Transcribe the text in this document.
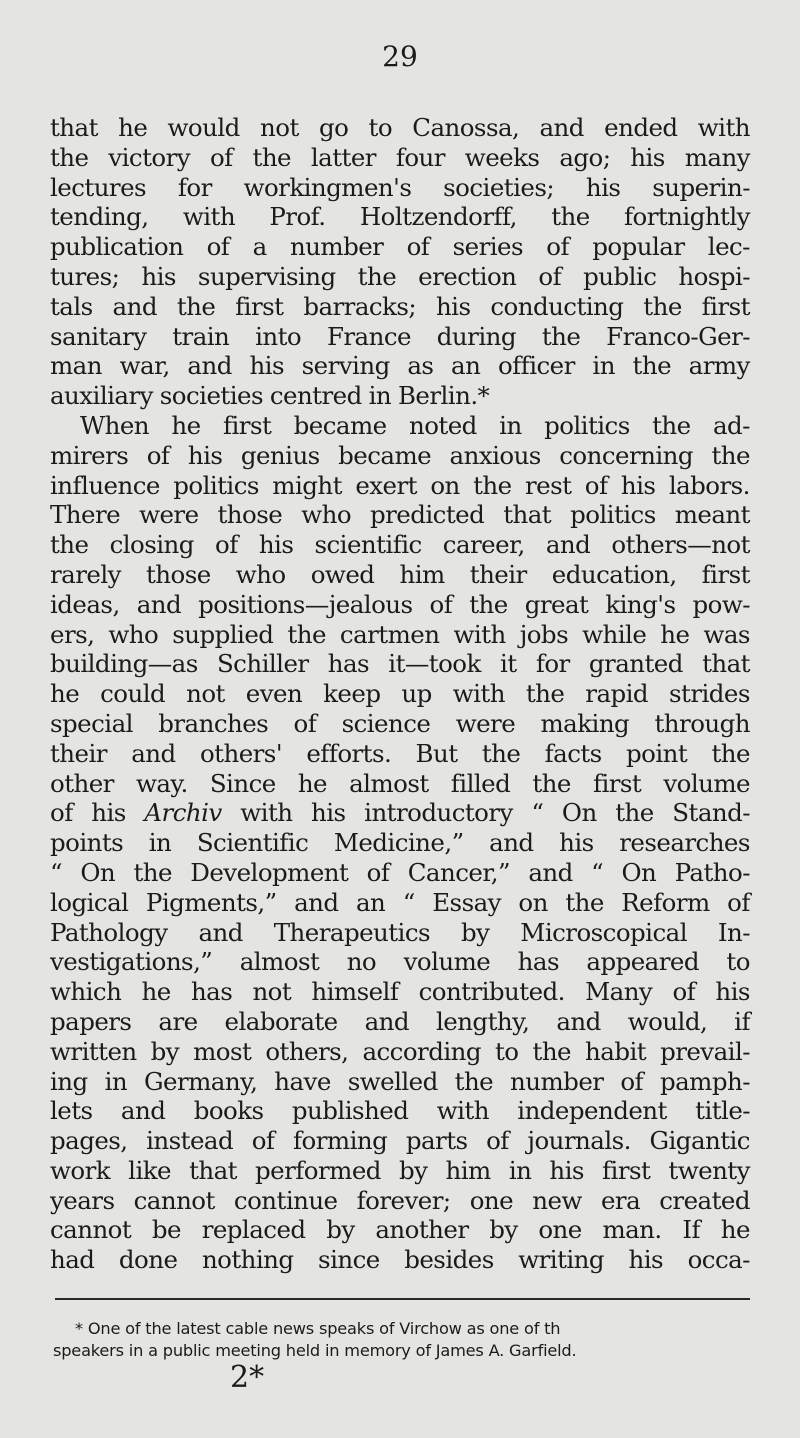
29
that he would not go to Canossa, and ended with
the victory of the latter four weeks ago; his many
lectures for workingmen's societies; his superin-
tending, with Prof. Holtzendorff, the fortnightly
publication of a number of series of popular lec-
tures; his supervising the erection of public hospi-
tals and the first barracks; his conducting the first
sanitary train into France during the Franco-Ger-
man war, and his serving as an officer in the army
auxiliary societies centred in Berlin.*
When he first became noted in politics the ad-
mirers of his genius became anxious concerning the
influence politics might exert on the rest of his labors.
There were those who predicted that politics meant
the closing of his scientific career, and others—not
rarely those who owed him their education, first
ideas, and positions—jealous of the great king's pow-
ers, who supplied the cartmen with jobs while he was
building—as Schiller has it—took it for granted that
he could not even keep up with the rapid strides
special branches of science were making through
their and others' efforts. But the facts point the
other way. Since he almost filled the first volume
of his Archiv with his introductory “ On the Stand-
points in Scientific Medicine,” and his researches
“ On the Development of Cancer,” and “ On Patho-
logical Pigments,” and an “ Essay on the Reform of
Pathology and Therapeutics by Microscopical In-
vestigations,” almost no volume has appeared to
which he has not himself contributed. Many of his
papers are elaborate and lengthy, and would, if
written by most others, according to the habit prevail-
ing in Germany, have swelled the number of pamph-
lets and books published with independent title-
pages, instead of forming parts of journals. Gigantic
work like that performed by him in his first twenty
years cannot continue forever; one new era created
cannot be replaced by another by one man. If he
had done nothing since besides writing his occa-
* One of the latest cable news speaks of Virchow as one of th
speakers in a public meeting held in memory of James A. Garfield.
2*
